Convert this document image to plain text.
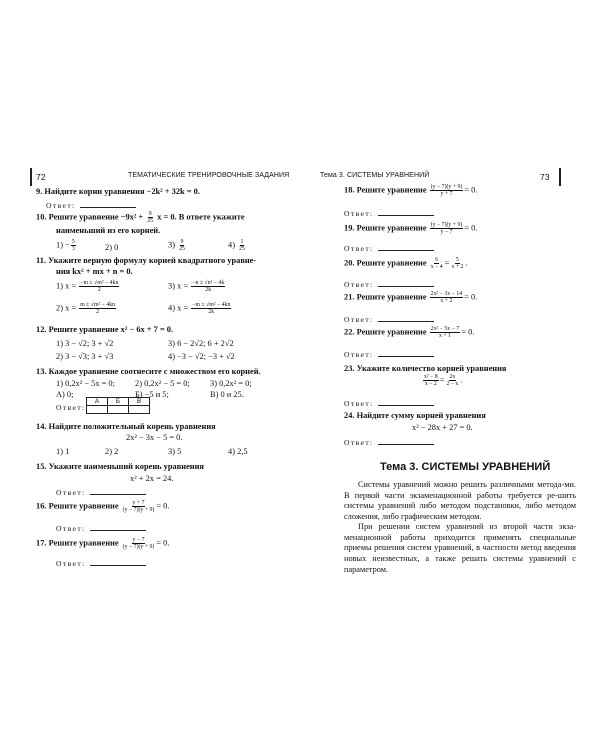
72	ТЕМАТИЧЕСКИЕ ТРЕНИРОВОЧНЫЕ ЗАДАНИЯ
9. Найдите корни уравнения −2k² + 32k = 0.
Ответ:
10. Решите уравнение $-9x^2 + \frac{9}{25}$ x = 0. В ответе укажите
наименьший из его корней.
$1) - \frac{5}{3}$	2) 0	$3) \frac{9}{25}$	$4) \frac{1}{25}$
11. Укажите верную формулу корней квадратного уравне-
ния kx² + mx + n = 0.
1) $x = \frac{\text{−m ± √m² − 4kn}}{2}$	3) $x = \frac{\text{−n ± √n² − 4k}}{2k}$
2) $x = \frac{\text{m ± √m² − 4kn}}{2}$	4) $x = \frac{\text{−m ± √m² − 4kn}}{2k}$
12. Решите уравнение x² − 6x + 7 = 0.
1) 3 − √2; 3 + √2	3) 6 − 2√2; 6 + 2√2
2) 3 − √3; 3 + √3	4) −3 − √2; −3 + √2
13. Каждое уравнение соотнесите с множеством его корней.
1) 0,2x² − 5x = 0; 2) 0,2x² − 5 = 0; 3) 0,2x² = 0;
А) 0;	Б) −5 и 5;	В) 0 и 25.
Ответ:
А	Б	В

14. Найдите положительный корень уравнения
2x² − 3x − 5 = 0.
1) 1	2) 2	3) 5	4) 2,5
15. Укажите наименьший корень уравнения
x² + 2x = 24.
Ответ:
16. Решите уравнение $\frac{y + 7}{(y - 7)(y + 9)} = 0$.
Ответ:
17. Решите уравнение $\frac{y - 7}{(y - 7)(y + 9)} = 0$.
Ответ:
Тема 3. СИСТЕМЫ УРАВНЕНИЙ	73
18. Решите уравнение $\frac{(y - 7)(y + 9)}{y + 7} = 0$.
Ответ:
19. Решите уравнение $\frac{(y - 7)(y + 9)}{y - 7} = 0$.
Ответ:
20. Решите уравнение $\frac{6}{x - 4} = \frac{5}{x + 2}$ .
Ответ:
21. Решите уравнение $\frac{\text{2x² − 3x − 14}}{x + 2} = 0$.
Ответ:
22. Решите уравнение $\frac{\text{2x² − 5x − 7}}{x + 1} = 0$.
Ответ:
23. Укажите количество корней уравнения
$\frac{\text{x² − 8}}{x - 2} = \frac{2x}{2 - x}$ .
Ответ:
24. Найдите сумму корней уравнения
x² − 28x + 27 = 0.
Ответ:
Тема 3. СИСТЕМЫ УРАВНЕНИЙ
Системы уравнений можно решить различными метода-ми. В первой части экзаменационной работы требуется ре-шить системы уравнений либо методом подстановки, либо методом сложения, либо графическим методом.
При решении систем уравнений из второй части экза-менационной работы приходится применять специальные приемы решения систем уравнений, в частности метод введения новых неизвестных, а также решать системы уравнений с параметром.
